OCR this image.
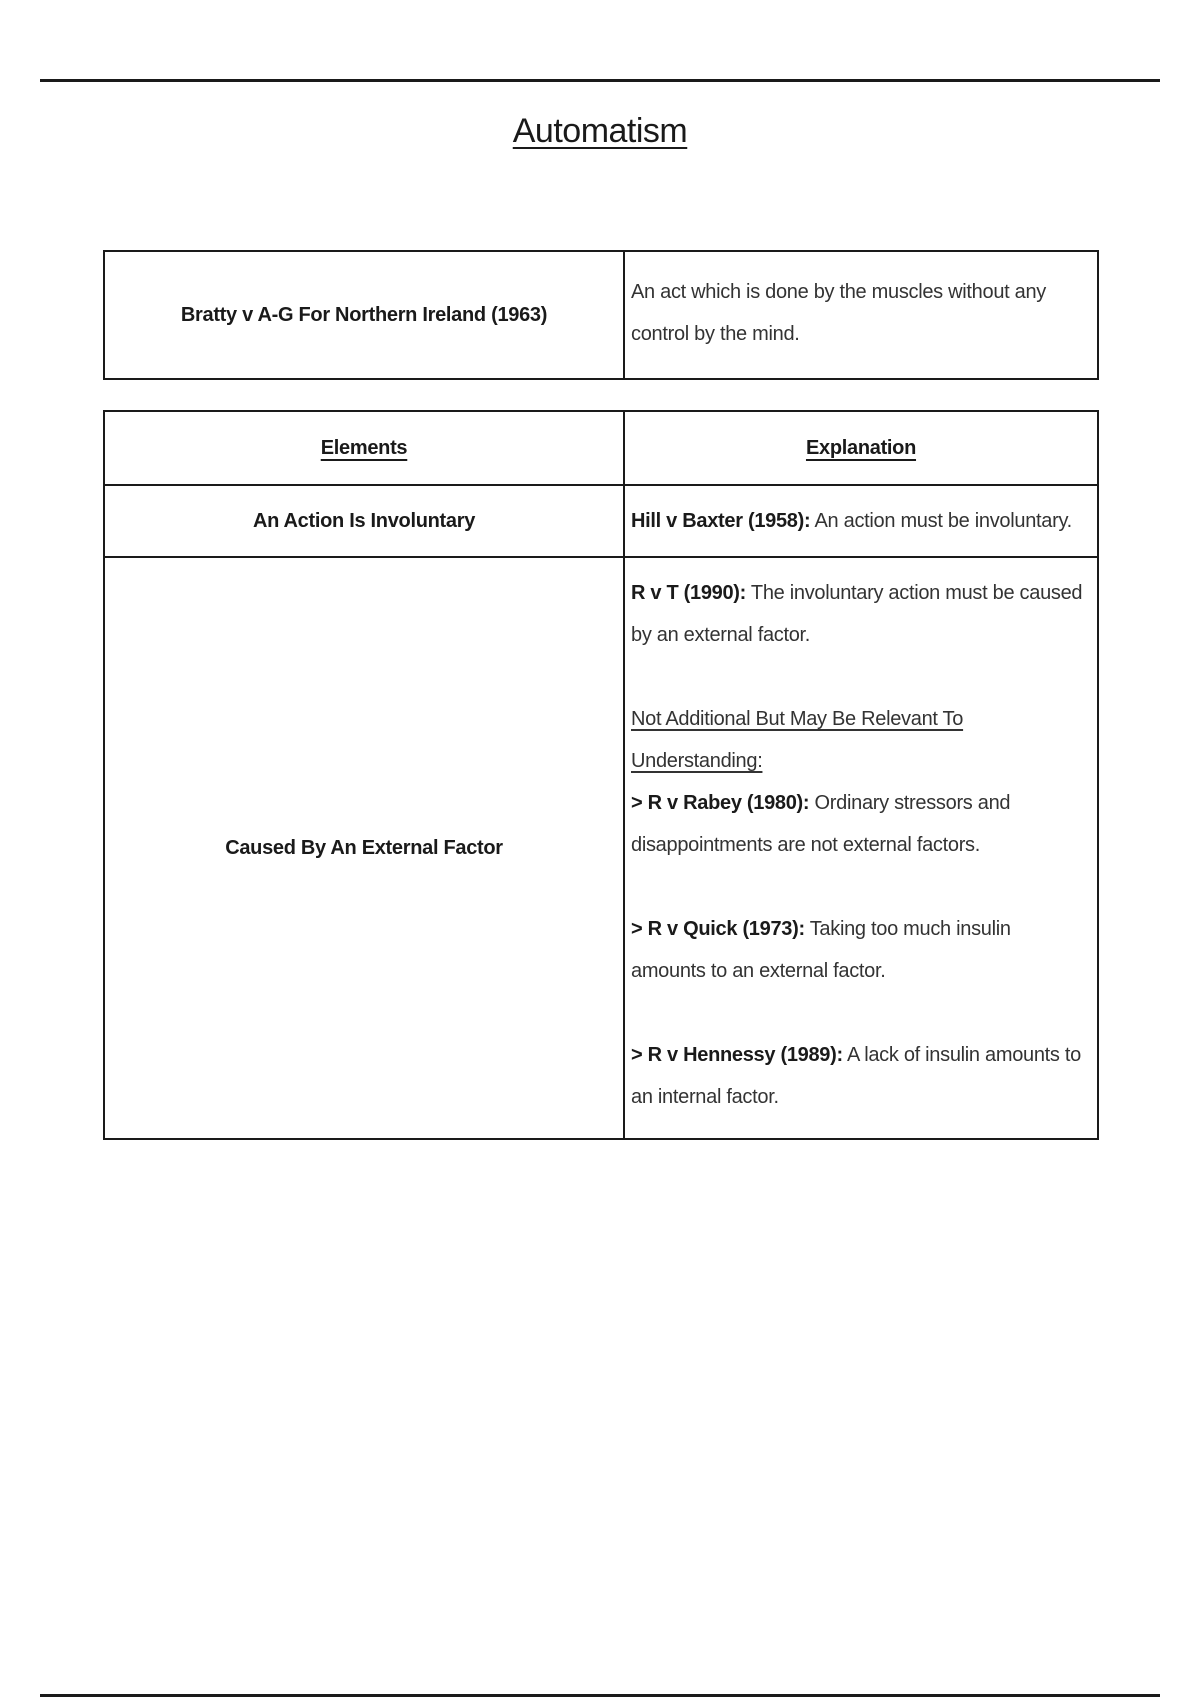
Automatism
Bratty v A-G For Northern Ireland (1963)	An act which is done by the muscles without any control by the mind.
Elements	Explanation
An Action Is Involuntary	Hill v Baxter (1958): An action must be involuntary.
Caused By An External Factor	R v T (1990): The involuntary action must be caused by an external factor.
Not Additional But May Be Relevant To Understanding:
> R v Rabey (1980): Ordinary stressors and disappointments are not external factors.
> R v Quick (1973): Taking too much insulin amounts to an external factor.
> R v Hennessy (1989): A lack of insulin amounts to an internal factor.
